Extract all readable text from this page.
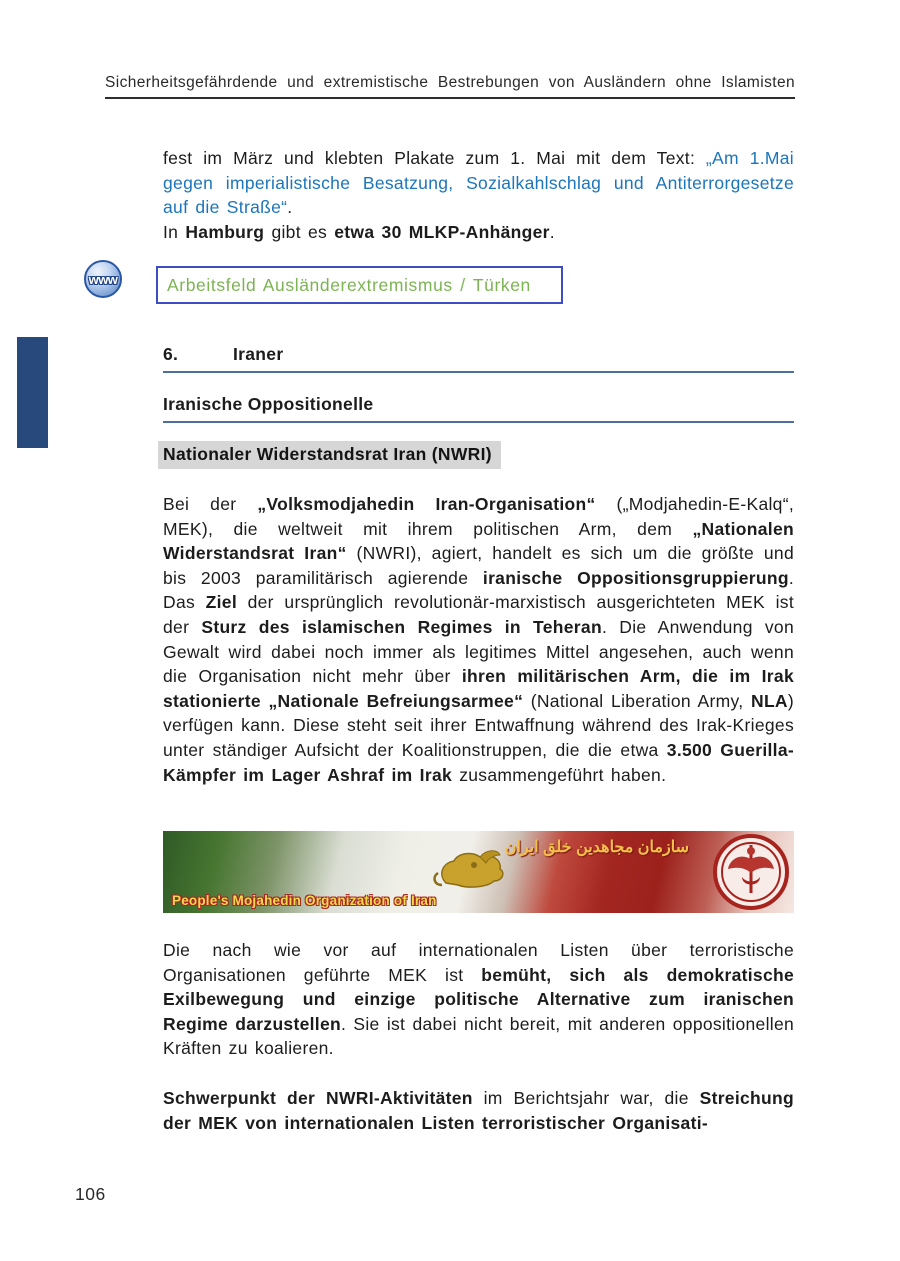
Sicherheitsgefährdende und extremistische Bestrebungen von Ausländern ohne Islamisten
fest im März und klebten Plakate zum 1. Mai mit dem Text: „Am 1.Mai gegen imperialistische Besatzung, Sozialkahlschlag und Antiterrorgesetze auf die Straße“.
In Hamburg gibt es etwa 30 MLKP-Anhänger.
www	Arbeitsfeld Ausländerextremismus / Türken
6.	Iraner
Iranische Oppositionelle
Nationaler Widerstandsrat Iran (NWRI)
Bei der „Volksmodjahedin Iran-Organisation“ („Modjahedin-E-Kalq“, MEK), die weltweit mit ihrem politischen Arm, dem „Nationalen Widerstandsrat Iran“ (NWRI), agiert, handelt es sich um die größte und bis 2003 paramilitärisch agierende iranische Oppositionsgruppierung. Das Ziel der ursprünglich revolutionär-marxistisch ausgerichteten MEK ist der Sturz des islamischen Regimes in Teheran. Die Anwendung von Gewalt wird dabei noch immer als legitimes Mittel angesehen, auch wenn die Organisation nicht mehr über ihren militärischen Arm, die im Irak stationierte „Nationale Befreiungsarmee“ (National Liberation Army, NLA) verfügen kann. Diese steht seit ihrer Entwaffnung während des Irak-Krieges unter ständiger Aufsicht der Koalitionstruppen, die die etwa 3.500 Guerilla-Kämpfer im Lager Ashraf im Irak zusammengeführt haben.
سازمان مجاهدين خلق ايران
People's Mojahedin Organization of Iran
Die nach wie vor auf internationalen Listen über terroristische Organisationen geführte MEK ist bemüht, sich als demokratische Exilbewegung und einzige politische Alternative zum iranischen Regime darzustellen. Sie ist dabei nicht bereit, mit anderen oppositionellen Kräften zu koalieren.
Schwerpunkt der NWRI-Aktivitäten im Berichtsjahr war, die Streichung der MEK von internationalen Listen terroristischer Organisati-
106
